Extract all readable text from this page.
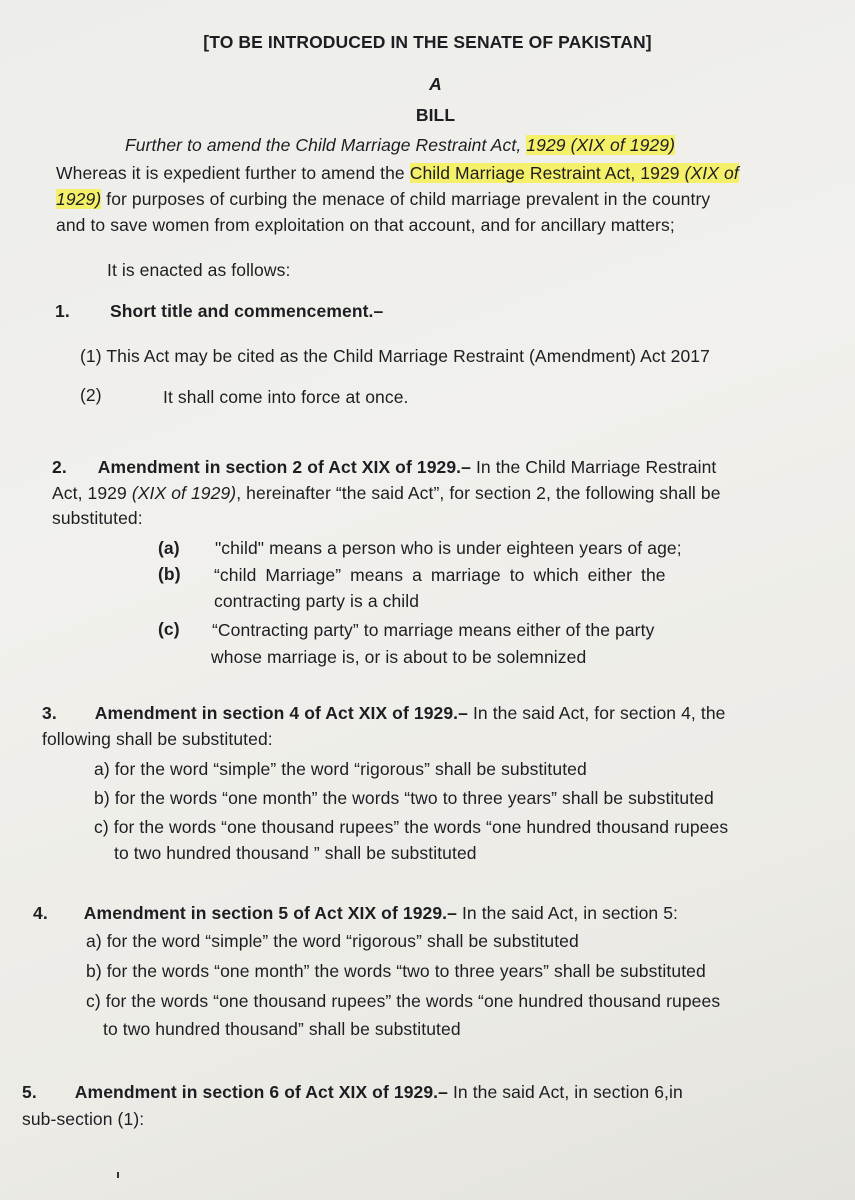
[TO BE INTRODUCED IN THE SENATE OF PAKISTAN]
A
BILL
Further to amend the Child Marriage Restraint Act, 1929 (XIX of 1929)
Whereas it is expedient further to amend the Child Marriage Restraint Act, 1929 (XIX of
1929) for purposes of curbing the menace of child marriage prevalent in the country
and to save women from exploitation on that account, and for ancillary matters;
It is enacted as follows:
1. Short title and commencement.–
(1) This Act may be cited as the Child Marriage Restraint (Amendment) Act 2017
(2)	It shall come into force at once.
2. Amendment in section 2 of Act XIX of 1929.– In the Child Marriage Restraint
Act, 1929 (XIX of 1929), hereinafter “the said Act”, for section 2, the following shall be
substituted:
(a) "child" means a person who is under eighteen years of age;
(b) “child Marriage” means a marriage to which either the
contracting party is a child
(c) “Contracting party” to marriage means either of the party
whose marriage is, or is about to be solemnized
3. Amendment in section 4 of Act XIX of 1929.– In the said Act, for section 4, the
following shall be substituted:
a) for the word “simple” the word “rigorous” shall be substituted
b) for the words “one month” the words “two to three years” shall be substituted
c) for the words “one thousand rupees” the words “one hundred thousand rupees
to two hundred thousand ” shall be substituted
4. Amendment in section 5 of Act XIX of 1929.– In the said Act, in section 5:
a) for the word “simple” the word “rigorous” shall be substituted
b) for the words “one month” the words “two to three years” shall be substituted
c) for the words “one thousand rupees” the words “one hundred thousand rupees
to two hundred thousand” shall be substituted
5. Amendment in section 6 of Act XIX of 1929.– In the said Act, in section 6,in
sub-section (1):
